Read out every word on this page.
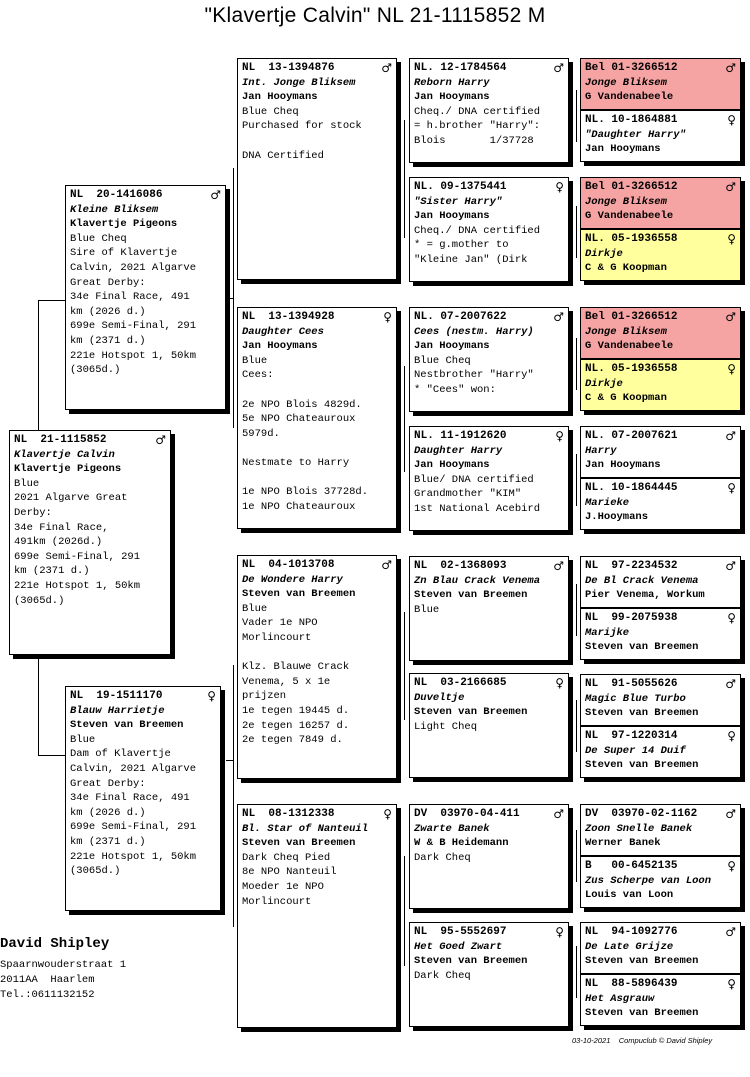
"Klavertje Calvin" NL 21-1115852 M
NL  21-1115852	♂
Klavertje Calvin
Klavertje Pigeons
Blue
2021 Algarve Great
Derby:
34e Final Race,
491km (2026d.)
699e Semi-Final, 291
km (2371 d.)
221e Hotspot 1, 50km
(3065d.)
NL  20-1416086	♂
Kleine Bliksem
Klavertje Pigeons
Blue Cheq
Sire of Klavertje
Calvin, 2021 Algarve
Great Derby:
34e Final Race, 491
km (2026 d.)
699e Semi-Final, 291
km (2371 d.)
221e Hotspot 1, 50km
(3065d.)
NL  19-1511170	♀
Blauw Harrietje
Steven van Breemen
Blue
Dam of Klavertje
Calvin, 2021 Algarve
Great Derby:
34e Final Race, 491
km (2026 d.)
699e Semi-Final, 291
km (2371 d.)
221e Hotspot 1, 50km
(3065d.)
NL  13-1394876	♂
Int. Jonge Bliksem
Jan Hooymans
Blue Cheq
Purchased for stock

DNA Certified
NL  13-1394928	♀
Daughter Cees
Jan Hooymans
Blue
Cees:

2e NPO Blois 4829d.
5e NPO Chateauroux
5979d.

Nestmate to Harry

1e NPO Blois 37728d.
1e NPO Chateauroux
NL  04-1013708	♂
De Wondere Harry
Steven van Breemen
Blue
Vader 1e NPO
Morlincourt

Klz. Blauwe Crack
Venema, 5 x 1e
prijzen
1e tegen 19445 d.
2e tegen 16257 d.
2e tegen 7849 d.
NL  08-1312338	♀
Bl. Star of Nanteuil
Steven van Breemen
Dark Cheq Pied
8e NPO Nanteuil
Moeder 1e NPO
Morlincourt
NL. 12-1784564	♂
Reborn Harry
Jan Hooymans
Cheq./ DNA certified
= h.brother "Harry":
Blois       1/37728
NL. 09-1375441	♀
"Sister Harry"
Jan Hooymans
Cheq./ DNA certified
* = g.mother to
"Kleine Jan" (Dirk
NL. 07-2007622	♂
Cees (nestm. Harry)
Jan Hooymans
Blue Cheq
Nestbrother "Harry"
* "Cees" won:
NL. 11-1912620	♀
Daughter Harry
Jan Hooymans
Blue/ DNA certified
Grandmother "KIM"
1st National Acebird
NL  02-1368093	♂
Zn Blau Crack Venema
Steven van Breemen
Blue
NL  03-2166685	♀
Duveltje
Steven van Breemen
Light Cheq
DV  03970-04-411	♂
Zwarte Banek
W & B Heidemann
Dark Cheq
NL  95-5552697	♀
Het Goed Zwart
Steven van Breemen
Dark Cheq
Bel 01-3266512	♂
Jonge Bliksem
G Vandenabeele
NL. 10-1864881	♀
"Daughter Harry"
Jan Hooymans
Bel 01-3266512	♂
Jonge Bliksem
G Vandenabeele
NL. 05-1936558	♀
Dirkje
C & G Koopman
Bel 01-3266512	♂
Jonge Bliksem
G Vandenabeele
NL. 05-1936558	♀
Dirkje
C & G Koopman
NL. 07-2007621	♂
Harry
Jan Hooymans
NL. 10-1864445	♀
Marieke
J.Hooymans
NL  97-2234532	♂
De Bl Crack Venema
Pier Venema, Workum
NL  99-2075938	♀
Marijke
Steven van Breemen
NL  91-5055626	♂
Magic Blue Turbo
Steven van Breemen
NL  97-1220314	♀
De Super 14 Duif
Steven van Breemen
DV  03970-02-1162 ♂
Zoon Snelle Banek
Werner Banek
B   00-6452135	♀
Zus Scherpe van Loon
Louis van Loon
NL  94-1092776	♂
De Late Grijze
Steven van Breemen
NL  88-5896439	♀
Het Asgrauw
Steven van Breemen
David Shipley
Spaarnwouderstraat 1
2011AA  Haarlem
Tel.:0611132152
03-10-2021    Compuclub © David Shipley
